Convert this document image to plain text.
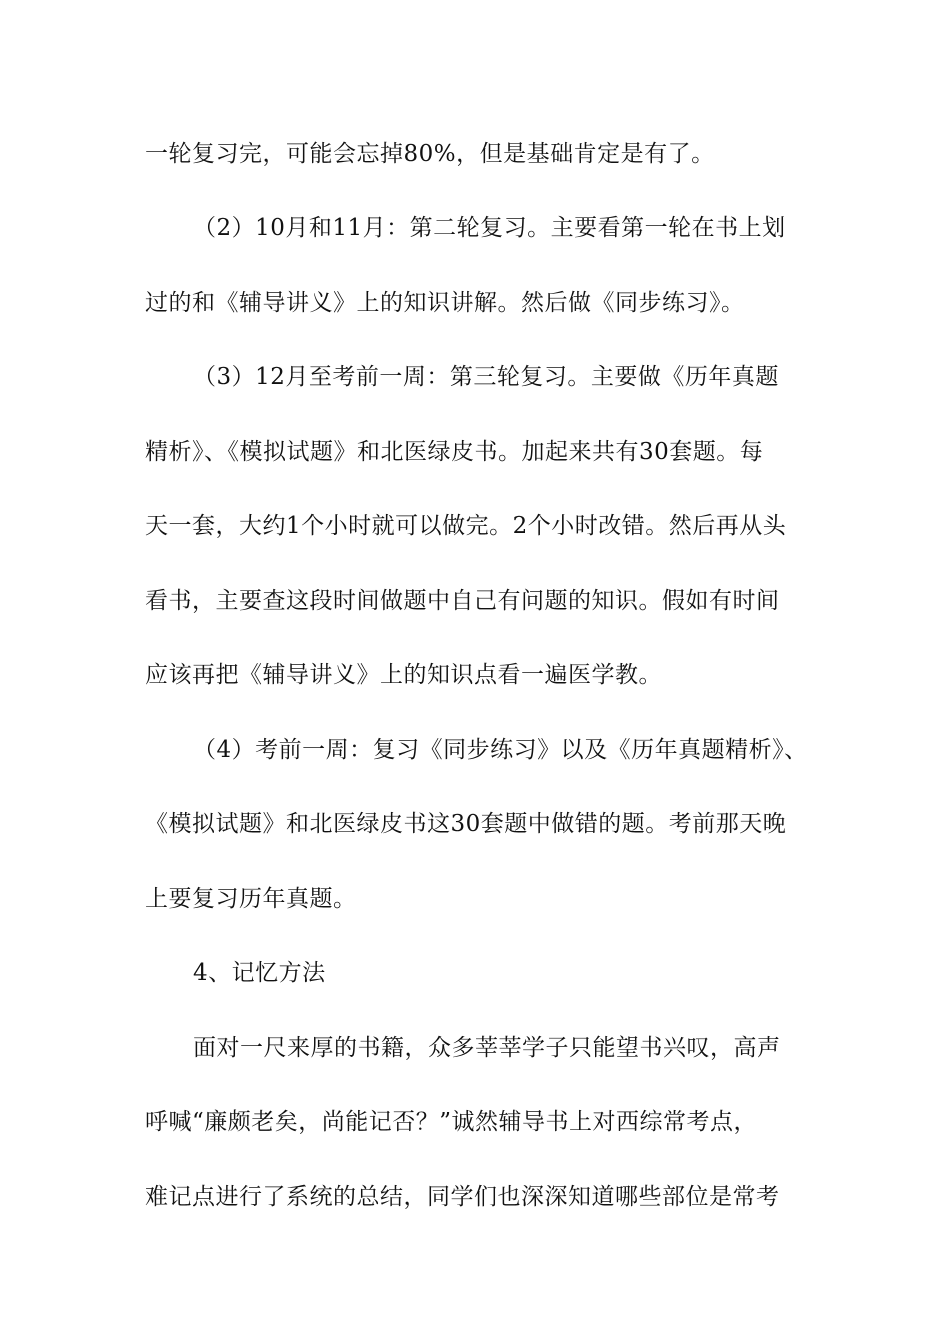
一轮复习完，可能会忘掉80%，但是基础肯定是有了。
（2）10月和11月：第二轮复习。主要看第一轮在书上划
过的和《辅导讲义》上的知识讲解。然后做《同步练习》。
（3）12月至考前一周：第三轮复习。主要做《历年真题
精析》、《模拟试题》和北医绿皮书。加起来共有30套题。每
天一套，大约1个小时就可以做完。2个小时改错。然后再从头
看书，主要查这段时间做题中自己有问题的知识。假如有时间
应该再把《辅导讲义》上的知识点看一遍医学教。
（4）考前一周：复习《同步练习》以及《历年真题精析》、
《模拟试题》和北医绿皮书这30套题中做错的题。考前那天晚
上要复习历年真题。
4、记忆方法
面对一尺来厚的书籍，众多莘莘学子只能望书兴叹，高声
呼喊“廉颇老矣，尚能记否？”诚然辅导书上对西综常考点，
难记点进行了系统的总结，同学们也深深知道哪些部位是常考
